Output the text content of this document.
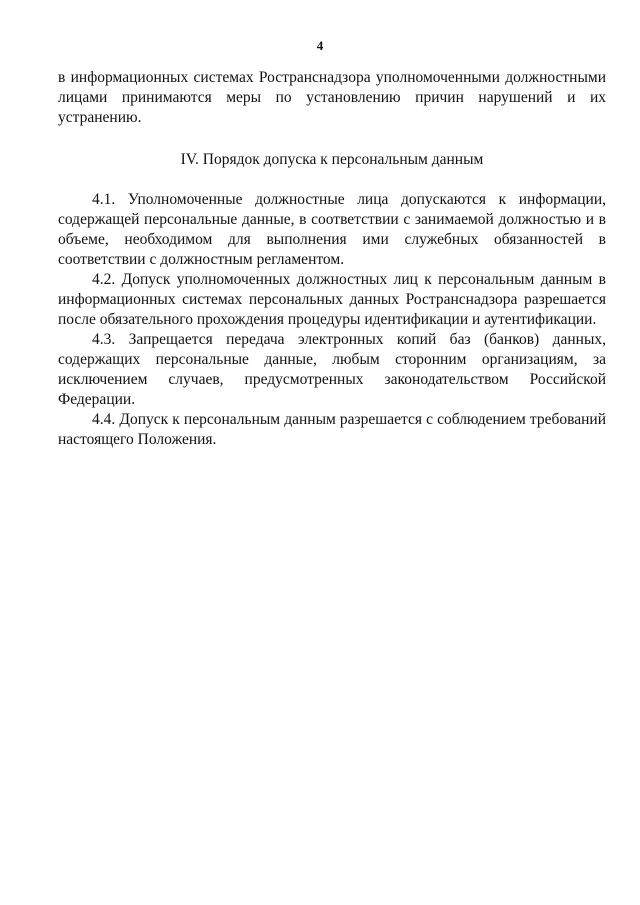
4

в информационных системах Ространснадзора уполномоченными должностными лицами принимаются меры по установлению причин нарушений и их устранению.

IV. Порядок допуска к персональным данным

4.1. Уполномоченные должностные лица допускаются к информации, содержащей персональные данные, в соответствии с занимаемой должностью и в объеме, необходимом для выполнения ими служебных обязанностей в соответствии с должностным регламентом.

4.2. Допуск уполномоченных должностных лиц к персональным данным в информационных системах персональных данных Ространснадзора разрешается после обязательного прохождения процедуры идентификации и аутентификации.

4.3. Запрещается передача электронных копий баз (банков) данных, содержащих персональные данные, любым сторонним организациям, за исключением случаев, предусмотренных законодательством Российской Федерации.

4.4. Допуск к персональным данным разрешается с соблюдением требований настоящего Положения.
